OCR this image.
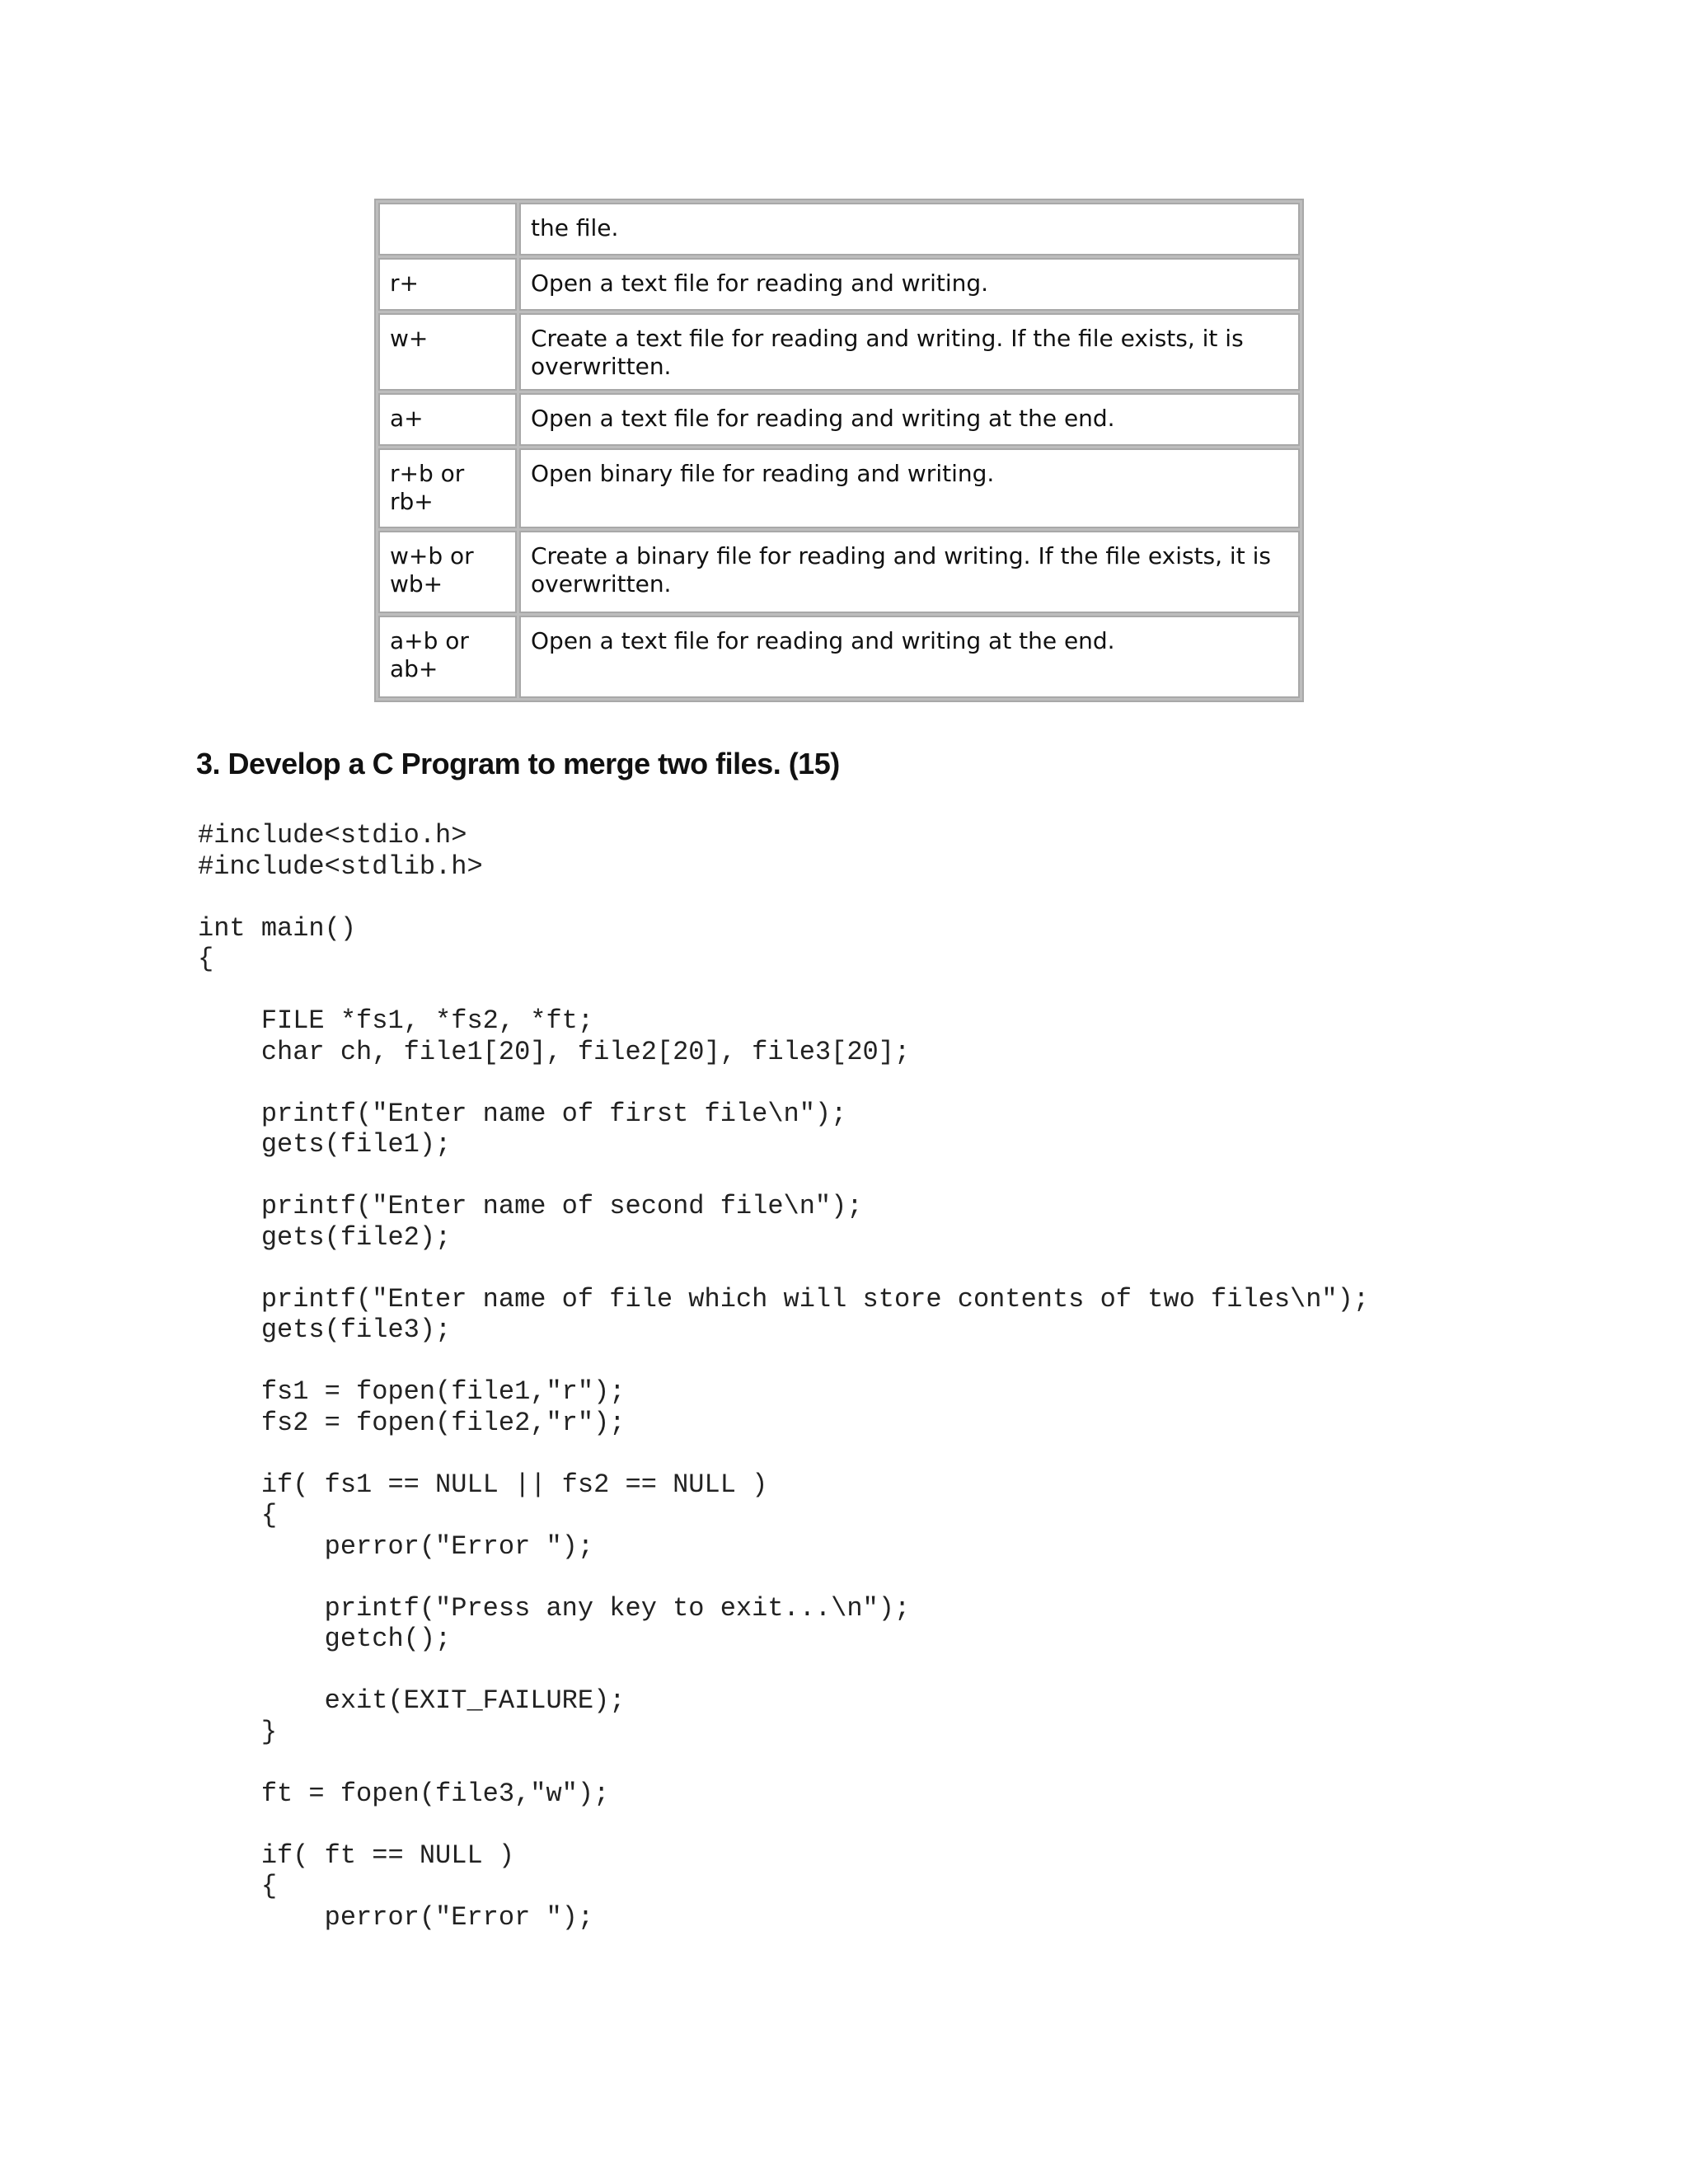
	the file.
r+	Open a text file for reading and writing.
w+	Create a text file for reading and writing. If the file exists, it is
overwritten.
a+	Open a text file for reading and writing at the end.
r+b or
rb+	Open binary file for reading and writing.
w+b or
wb+	Create a binary file for reading and writing. If the file exists, it is
overwritten.
a+b or
ab+	Open a text file for reading and writing at the end.
3. Develop a C Program to merge two files. (15)
#include<stdio.h>
#include<stdlib.h>

int main()
{

FILE *fs1, *fs2, *ft;
char ch, file1[20], file2[20], file3[20];

printf("Enter name of first file\n");
gets(file1);

printf("Enter name of second file\n");
gets(file2);

printf("Enter name of file which will store contents of two files\n");
gets(file3);

fs1 = fopen(file1,"r");
fs2 = fopen(file2,"r");

if( fs1 == NULL || fs2 == NULL )
{
perror("Error ");

printf("Press any key to exit...\n");
getch();

exit(EXIT_FAILURE);
}

ft = fopen(file3,"w");

if( ft == NULL )
{
perror("Error ");
